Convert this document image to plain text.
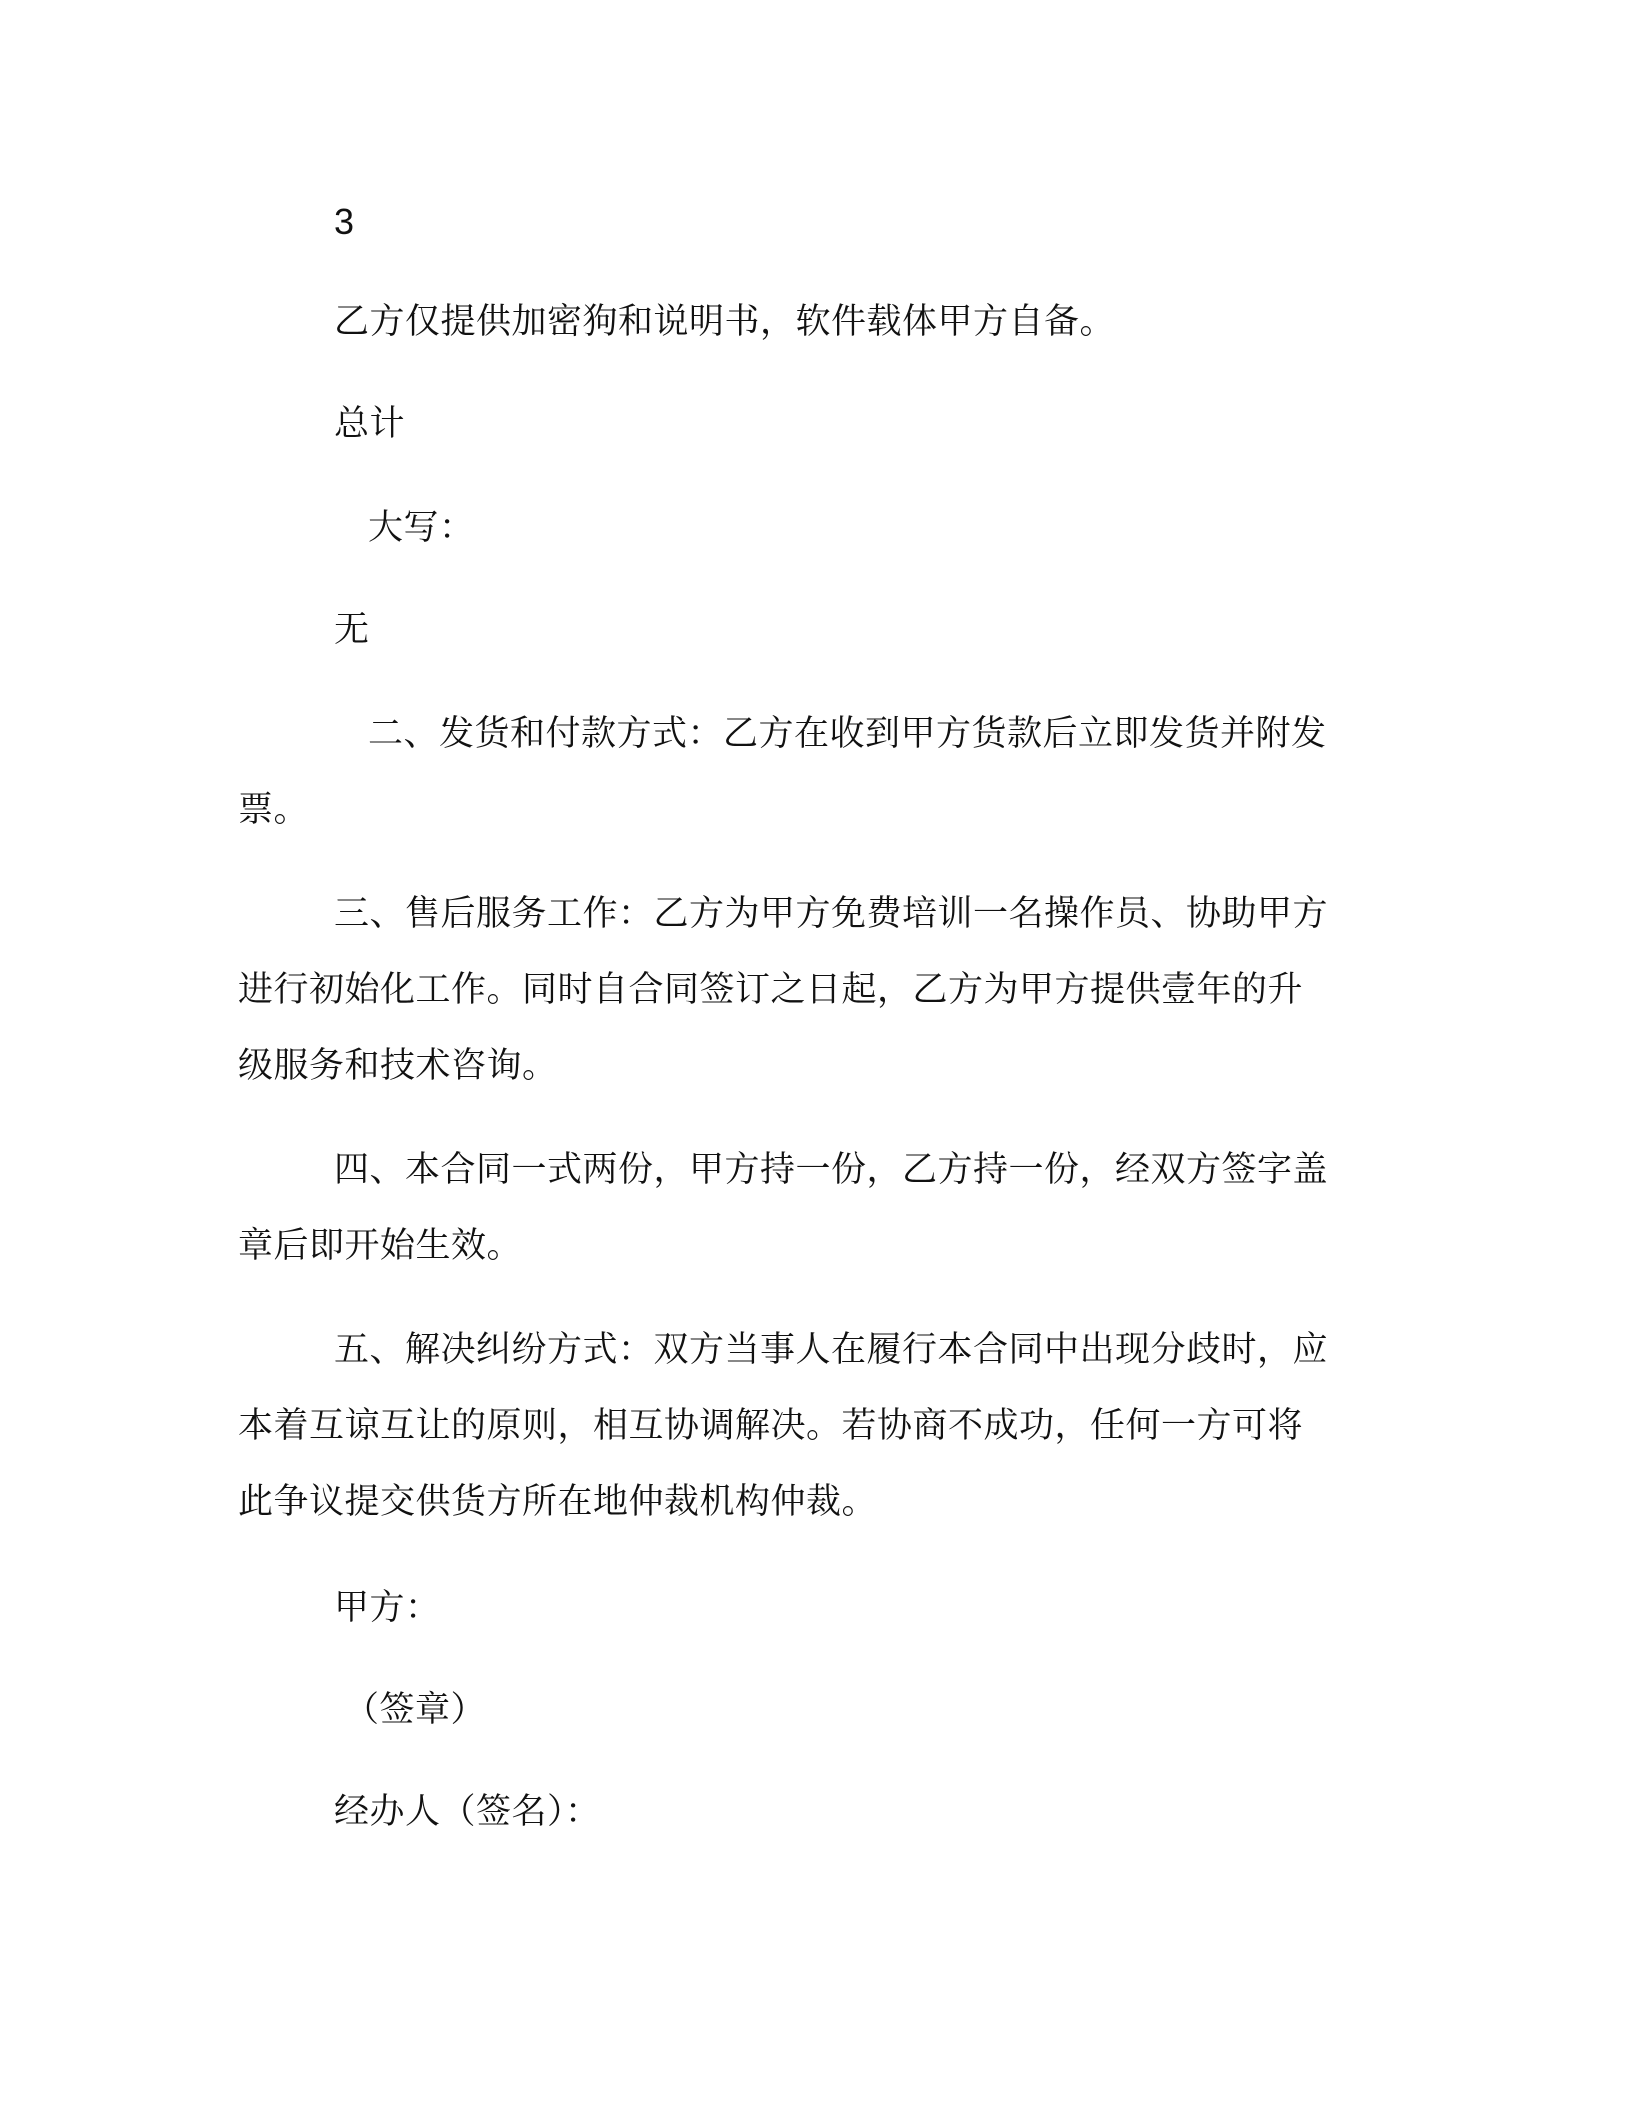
3
乙方仅提供加密狗和说明书，软件载体甲方自备。
总计
大写：
无
二、发货和付款方式：乙方在收到甲方货款后立即发货并附发
票。
三、售后服务工作：乙方为甲方免费培训一名操作员、协助甲方
进行初始化工作。同时自合同签订之日起，乙方为甲方提供壹年的升
级服务和技术咨询。
四、本合同一式两份，甲方持一份，乙方持一份，经双方签字盖
章后即开始生效。
五、解决纠纷方式：双方当事人在履行本合同中出现分歧时，应
本着互谅互让的原则，相互协调解决。若协商不成功，任何一方可将
此争议提交供货方所在地仲裁机构仲裁。
甲方：
（签章）
经办人（签名）：
